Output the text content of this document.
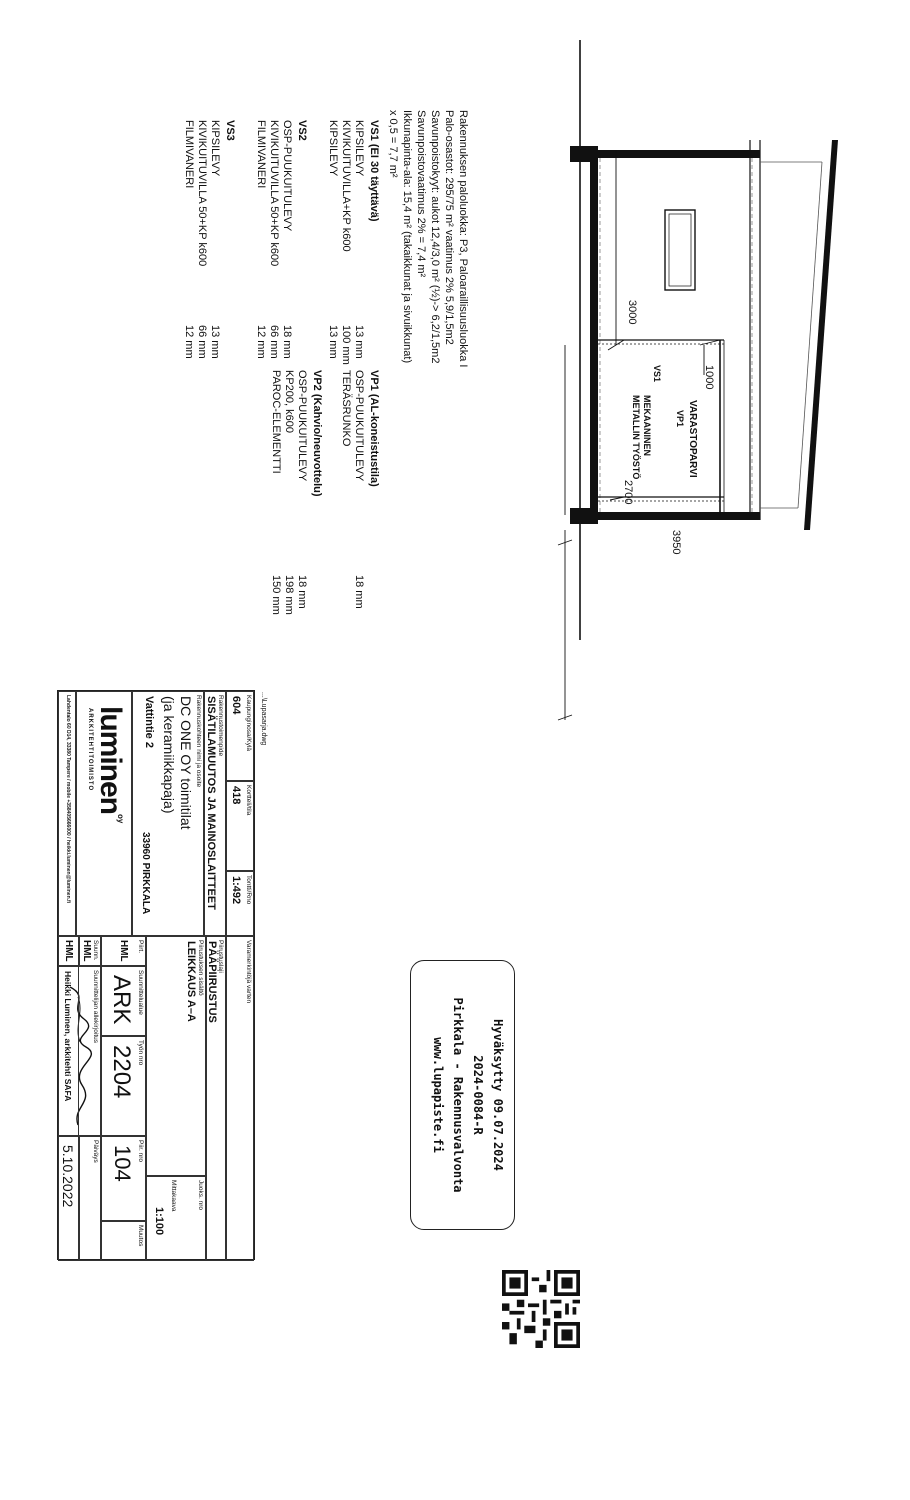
VARASTOPARVI
VP1
VS1
MEKAANINEN
METALLIN TYÖSTÖ
3000
1000
2700
3950
Rakennuksen paloluokka: P3, Paloaraillisuusluokka I
Palo-osastot: 295/75 m² vaatimus 2% 5,9/1,5m2
Savunpoistokyyt: aukot 12,4/3,0 m² (½)-> 6,2/1,5m2
Savunpoistovaatimus 2% = 7,4 m²
Ikkunapinta-ala: 15,4 m² (takaikkunat ja sivuikkunat)
x 0,5 = 7,7 m²
VS1 (EI 30 täyttävä)
KIPSILEVY
13 mm
KIVIKUITUVILLA+KP k600
100 mm
KIPSILEVY
13 mm
VS2
OSP-PUUKUITULEVY
18 mm
KIVIKUITUVILLA 50+KP k600
66 mm
FILMIVANERI
12 mm
VS3
KIPSILEVY
13 mm
KIVIKUITUVILLA 50+KP k600
66 mm
FILMIVANERI
12 mm
VP1 (AL-koneistustila)
OSP-PUUKUITULEVY
18 mm
TERÄSRUNKO
VP2 (Kahvio/neuvottelu)
OSP-PUUKUITULEVY
18 mm
KP200, k600
198 mm
PAROC-ELEMENTTI
150 mm
Hyväksytty 09.07.2024
2024-0084-R
Pirkkala - Rakennusvalvonta
www.lupapiste.fi
...\Lupasarja.dwg
Kaupunginosa/Kylä
604
Kortteli/tila
418
Tontti/Rno
1:492
Rakennustoimenpide
SISÄTILAMUUTOS JA MAINOSLAITTEET
Rakennuskohteen nimi ja osoite
DC ONE OY toimitilat
(ja keramiikkapaja)
Vattintie 2
33960 PIRKKALA
luminen
oy
ARKKITEHTITOIMISTO
Lahdentalo 60 D14, 33380 Tampere / mobile +358405666000 / heikki.luminen@luminen.fi
Varamerkintöjä varten
Piirustuslaji
PÄÄPIIRUSTUS
Piirustuksen sisältö
LEIKKAUS A–A
Juoks. nro
Mittakaava
1:100
Piirt.
HML
Suunnittelualue
ARK
Työn nro
2204
Piir. nro
104
Muutos
Suunn.
HML
Suunnittelijan allekirjoitus
Päiväys
HML
Heikki Luminen, arkkitehti SAFA
5.10.2022
